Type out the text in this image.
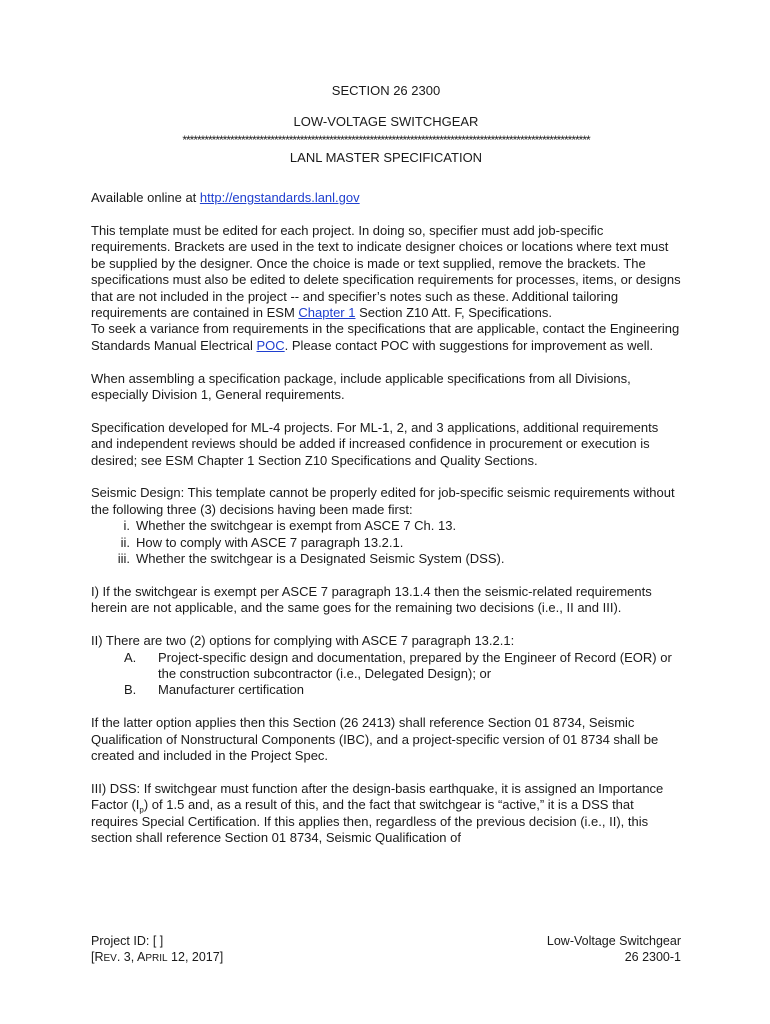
SECTION 26 2300

LOW-VOLTAGE SWITCHGEAR

***************************************************************************************************************

LANL MASTER SPECIFICATION

Available online at http://engstandards.lanl.gov

This template must be edited for each project. In doing so, specifier must add job-specific requirements. Brackets are used in the text to indicate designer choices or locations where text must be supplied by the designer. Once the choice is made or text supplied, remove the brackets. The specifications must also be edited to delete specification requirements for processes, items, or designs that are not included in the project -- and specifier’s notes such as these. Additional tailoring requirements are contained in ESM Chapter 1 Section Z10 Att. F, Specifications.

To seek a variance from requirements in the specifications that are applicable, contact the Engineering Standards Manual Electrical POC. Please contact POC with suggestions for improvement as well.

When assembling a specification package, include applicable specifications from all Divisions, especially Division 1, General requirements.

Specification developed for ML-4 projects. For ML-1, 2, and 3 applications, additional requirements and independent reviews should be added if increased confidence in procurement or execution is desired; see ESM Chapter 1 Section Z10 Specifications and Quality Sections.

Seismic Design: This template cannot be properly edited for job-specific seismic requirements without the following three (3) decisions having been made first:

i. Whether the switchgear is exempt from ASCE 7 Ch. 13.
ii. How to comply with ASCE 7 paragraph 13.2.1.
iii. Whether the switchgear is a Designated Seismic System (DSS).

I) If the switchgear is exempt per ASCE 7 paragraph 13.1.4 then the seismic-related requirements herein are not applicable, and the same goes for the remaining two decisions (i.e., II and III).

II) There are two (2) options for complying with ASCE 7 paragraph 13.2.1:

A.	Project-specific design and documentation, prepared by the Engineer of Record (EOR) or the construction subcontractor (i.e., Delegated Design); or
B.	Manufacturer certification

If the latter option applies then this Section (26 2413) shall reference Section 01 8734, Seismic Qualification of Nonstructural Components (IBC), and a project-specific version of 01 8734 shall be created and included in the Project Spec.

III) DSS: If switchgear must function after the design-basis earthquake, it is assigned an Importance Factor $(I_p)$ of 1.5 and, as a result of this, and the fact that switchgear is “active,” it is a DSS that requires Special Certification. If this applies then, regardless of the previous decision (i.e., II), this section shall reference Section 01 8734, Seismic Qualification of

Project ID: [ ]
[REV. 3, APRIL 12, 2017]
Low-Voltage Switchgear
26 2300-1
